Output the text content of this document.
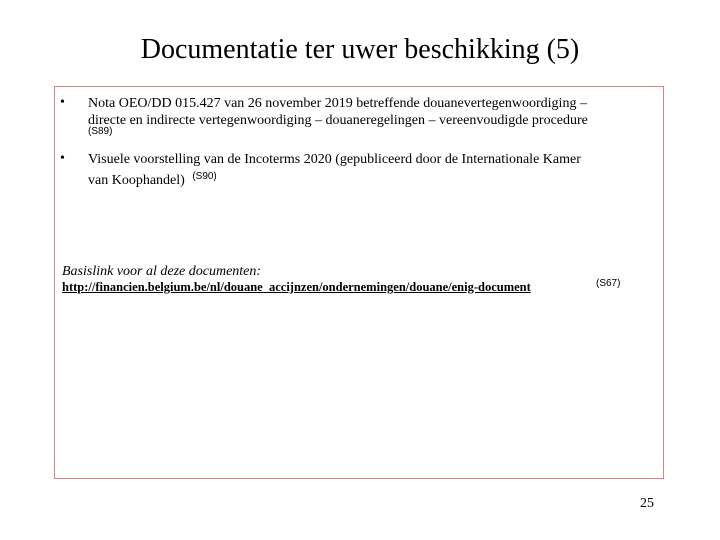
Documentatie ter uwer beschikking (5)
• Nota OEO/DD 015.427 van 26 november 2019 betreffende douanevertegenwoordiging –
directe en indirecte vertegenwoordiging – douaneregelingen – vereenvoudigde procedure
(S89)
• Visuele voorstelling van de Incoterms 2020 (gepubliceerd door de Internationale Kamer
van Koophandel) $^{(S90)}$
Basislink voor al deze documenten:
http://financien.belgium.be/nl/douane_accijnzen/ondernemingen/douane/enig-document	(S67)
25
